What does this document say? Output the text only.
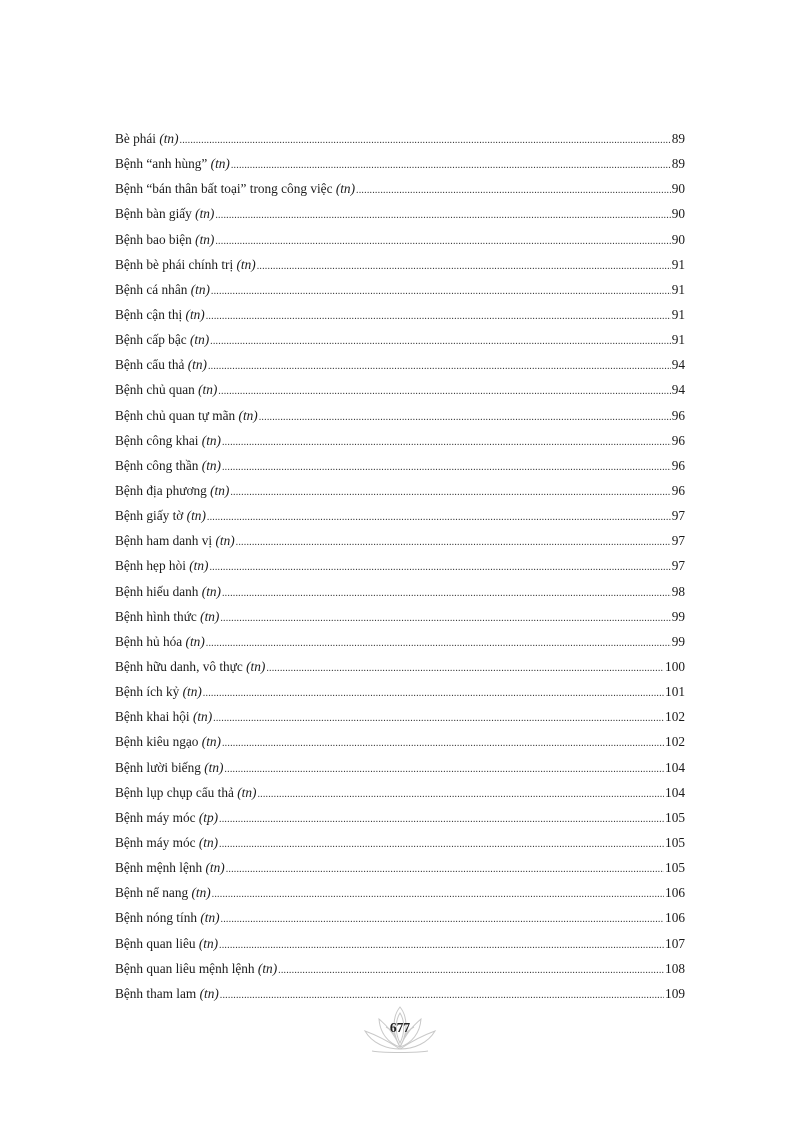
Bè phái (tn) .....	89
Bệnh “anh hùng” (tn) .....	89
Bệnh “bán thân bất toại” trong công việc (tn) .....	90
Bệnh bàn giấy (tn) .....	90
Bệnh bao biện (tn) .....	90
Bệnh bè phái chính trị (tn) .....	91
Bệnh cá nhân (tn) .....	91
Bệnh cận thị (tn) .....	91
Bệnh cấp bậc (tn) .....	91
Bệnh cẩu thả (tn) .....	94
Bệnh chủ quan (tn) .....	94
Bệnh chủ quan tự mãn (tn) .....	96
Bệnh công khai (tn) .....	96
Bệnh công thần (tn) .....	96
Bệnh địa phương (tn) .....	96
Bệnh giấy tờ (tn) .....	97
Bệnh ham danh vị (tn) .....	97
Bệnh hẹp hòi (tn) .....	97
Bệnh hiếu danh (tn) .....	98
Bệnh hình thức (tn) .....	99
Bệnh hủ hóa (tn) .....	99
Bệnh hữu danh, vô thực (tn) .....	100
Bệnh ích kỷ (tn) .....	101
Bệnh khai hội (tn) .....	102
Bệnh kiêu ngạo (tn) .....	102
Bệnh lười biếng (tn) .....	104
Bệnh lụp chụp cẩu thả (tn) .....	104
Bệnh máy móc (tp) .....	105
Bệnh máy móc (tn) .....	105
Bệnh mệnh lệnh (tn) .....	105
Bệnh nể nang (tn) .....	106
Bệnh nóng tính (tn) .....	106
Bệnh quan liêu (tn) .....	107
Bệnh quan liêu mệnh lệnh (tn) .....	108
Bệnh tham lam (tn) .....	109
677
